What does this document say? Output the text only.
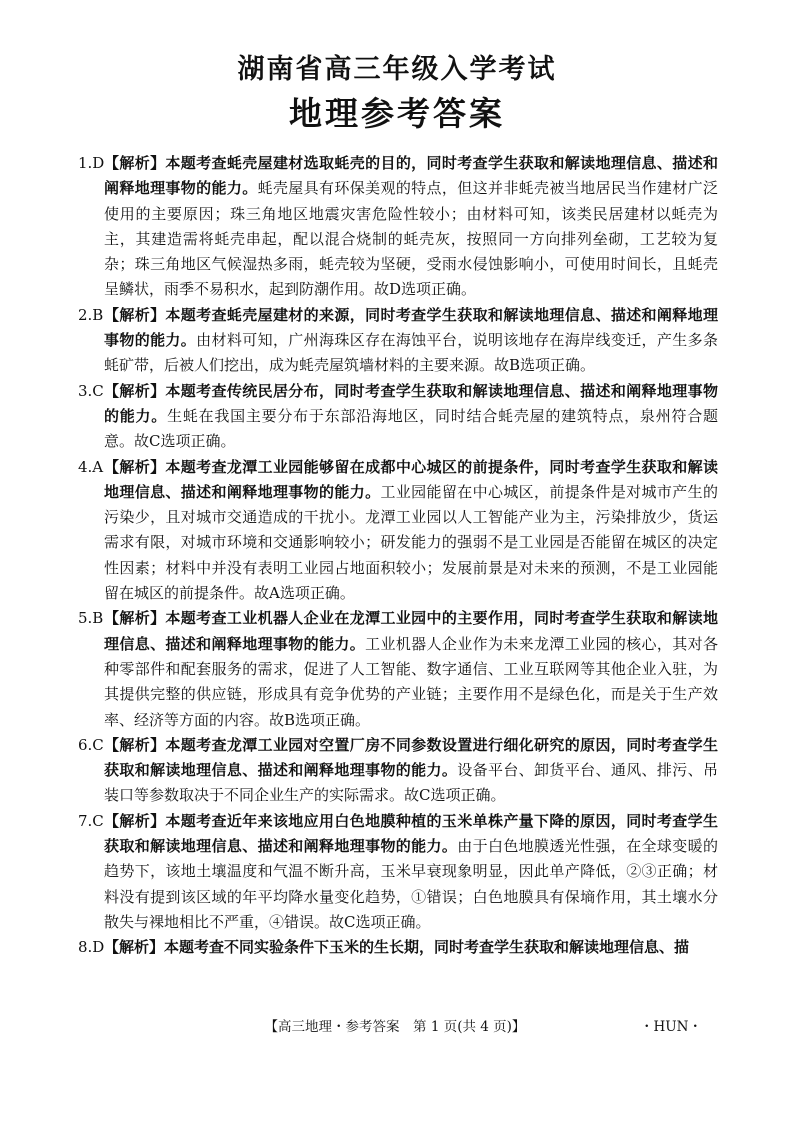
湖南省高三年级入学考试
地理参考答案
1.D 【解析】本题考查蚝壳屋建材选取蚝壳的目的，同时考查学生获取和解读地理信息、描述和阐释地理事物的能力。蚝壳屋具有环保美观的特点，但这并非蚝壳被当地居民当作建材广泛使用的主要原因；珠三角地区地震灾害危险性较小；由材料可知，该类民居建材以蚝壳为主，其建造需将蚝壳串起，配以混合烧制的蚝壳灰，按照同一方向排列垒砌，工艺较为复杂；珠三角地区气候湿热多雨，蚝壳较为坚硬，受雨水侵蚀影响小，可使用时间长，且蚝壳呈鳞状，雨季不易积水，起到防潮作用。故D选项正确。
2.B 【解析】本题考查蚝壳屋建材的来源，同时考查学生获取和解读地理信息、描述和阐释地理事物的能力。由材料可知，广州海珠区存在海蚀平台，说明该地存在海岸线变迁，产生多条蚝矿带，后被人们挖出，成为蚝壳屋筑墙材料的主要来源。故B选项正确。
3.C 【解析】本题考查传统民居分布，同时考查学生获取和解读地理信息、描述和阐释地理事物的能力。生蚝在我国主要分布于东部沿海地区，同时结合蚝壳屋的建筑特点，泉州符合题意。故C选项正确。
4.A 【解析】本题考查龙潭工业园能够留在成都中心城区的前提条件，同时考查学生获取和解读地理信息、描述和阐释地理事物的能力。工业园能留在中心城区，前提条件是对城市产生的污染少，且对城市交通造成的干扰小。龙潭工业园以人工智能产业为主，污染排放少，货运需求有限，对城市环境和交通影响较小；研发能力的强弱不是工业园是否能留在城区的决定性因素；材料中并没有表明工业园占地面积较小；发展前景是对未来的预测，不是工业园能留在城区的前提条件。故A选项正确。
5.B 【解析】本题考查工业机器人企业在龙潭工业园中的主要作用，同时考查学生获取和解读地理信息、描述和阐释地理事物的能力。工业机器人企业作为未来龙潭工业园的核心，其对各种零部件和配套服务的需求，促进了人工智能、数字通信、工业互联网等其他企业入驻，为其提供完整的供应链，形成具有竞争优势的产业链；主要作用不是绿色化，而是关于生产效率、经济等方面的内容。故B选项正确。
6.C 【解析】本题考查龙潭工业园对空置厂房不同参数设置进行细化研究的原因，同时考查学生获取和解读地理信息、描述和阐释地理事物的能力。设备平台、卸货平台、通风、排污、吊装口等参数取决于不同企业生产的实际需求。故C选项正确。
7.C 【解析】本题考查近年来该地应用白色地膜种植的玉米单株产量下降的原因，同时考查学生获取和解读地理信息、描述和阐释地理事物的能力。由于白色地膜透光性强，在全球变暖的趋势下，该地土壤温度和气温不断升高，玉米早衰现象明显，因此单产降低，②③正确；材料没有提到该区域的年平均降水量变化趋势，①错误；白色地膜具有保墒作用，其土壤水分散失与裸地相比不严重，④错误。故C选项正确。
8.D 【解析】本题考查不同实验条件下玉米的生长期，同时考查学生获取和解读地理信息、描
【高三地理・参考答案　第 1 页(共 4 页)】	・HUN・
